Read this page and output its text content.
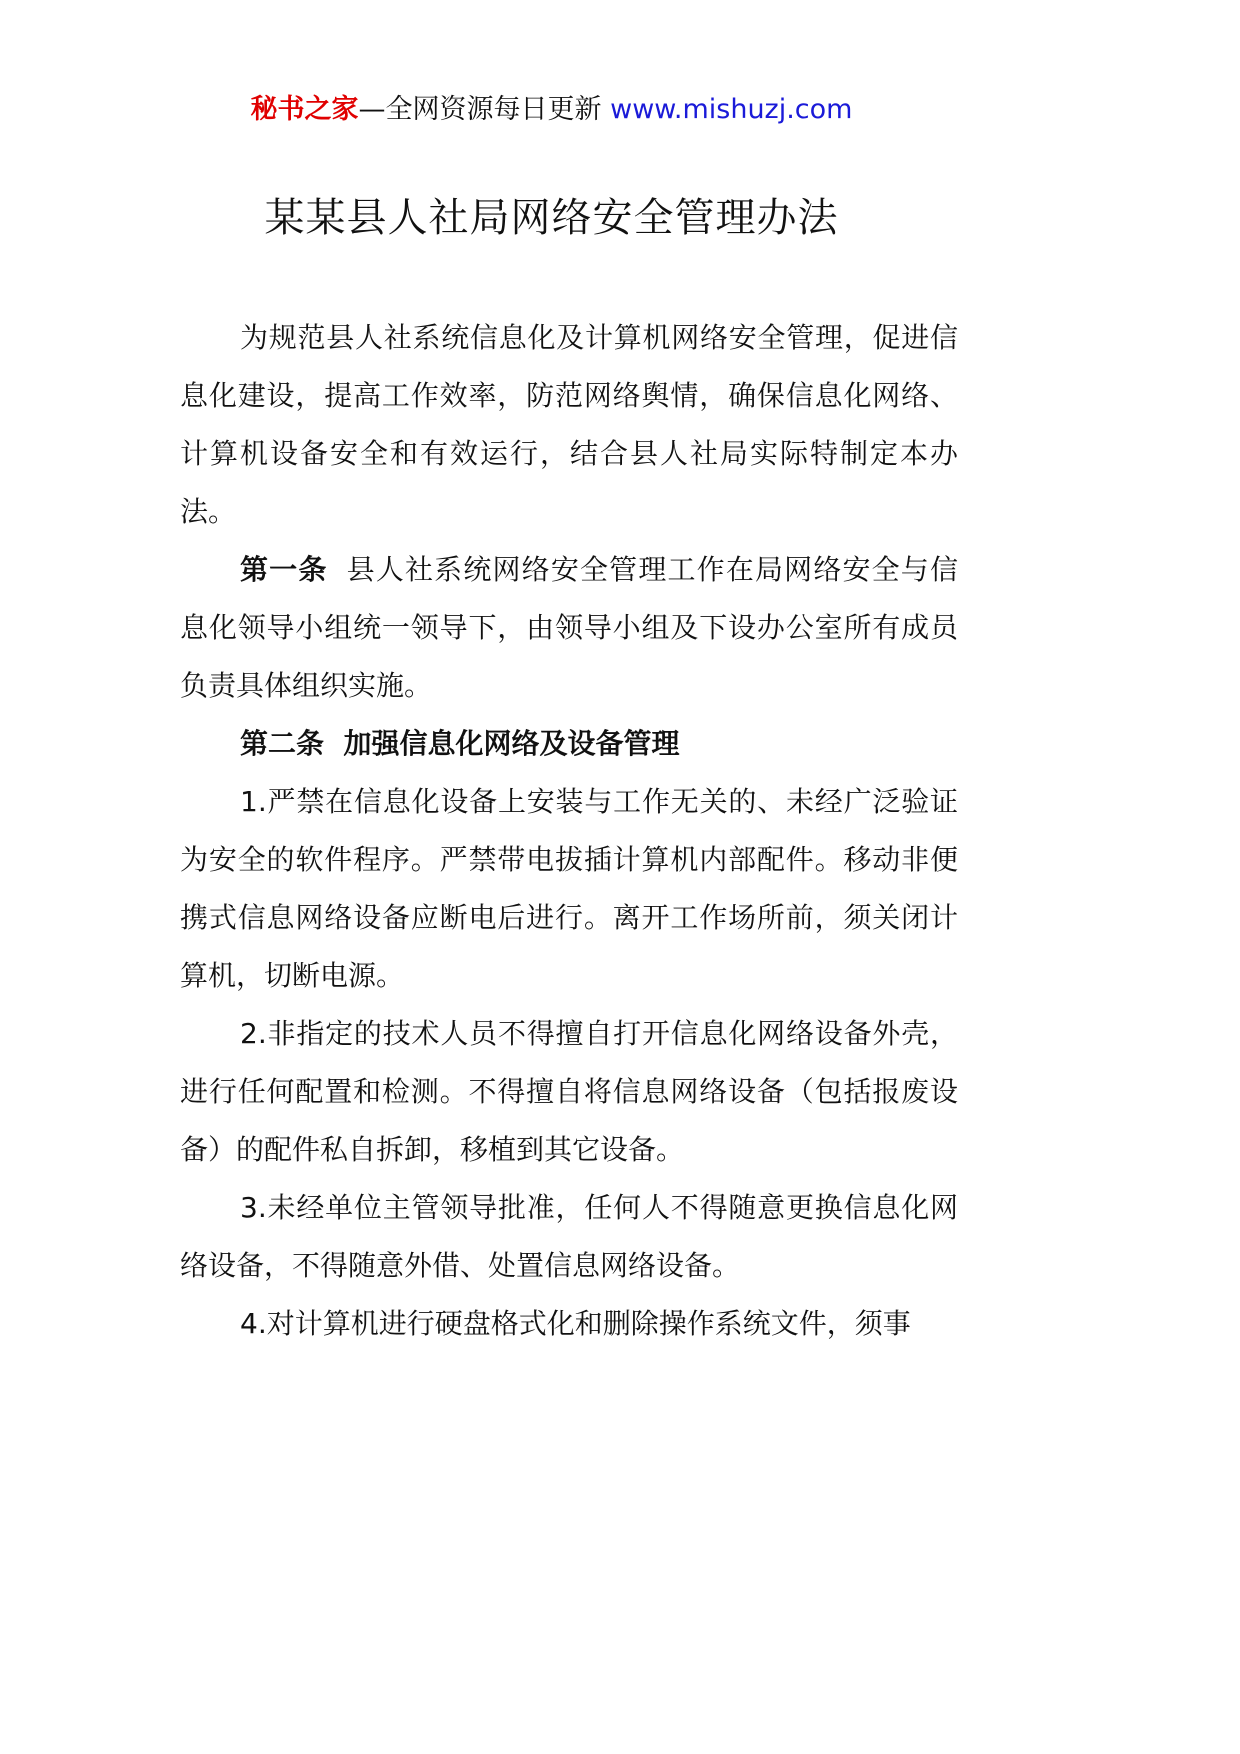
秘书之家—全网资源每日更新 www.mishuzj.com
某某县人社局网络安全管理办法

为规范县人社系统信息化及计算机网络安全管理，促进信息化建设，提高工作效率，防范网络舆情，确保信息化网络、计算机设备安全和有效运行，结合县人社局实际特制定本办法。

第一条 县人社系统网络安全管理工作在局网络安全与信息化领导小组统一领导下，由领导小组及下设办公室所有成员负责具体组织实施。

第二条  加强信息化网络及设备管理

1.严禁在信息化设备上安装与工作无关的、未经广泛验证为安全的软件程序。严禁带电拔插计算机内部配件。移动非便携式信息网络设备应断电后进行。离开工作场所前，须关闭计算机，切断电源。

2.非指定的技术人员不得擅自打开信息化网络设备外壳，进行任何配置和检测。不得擅自将信息网络设备（包括报废设备）的配件私自拆卸，移植到其它设备。

3.未经单位主管领导批准，任何人不得随意更换信息化网络设备，不得随意外借、处置信息网络设备。

4.对计算机进行硬盘格式化和删除操作系统文件，须事
